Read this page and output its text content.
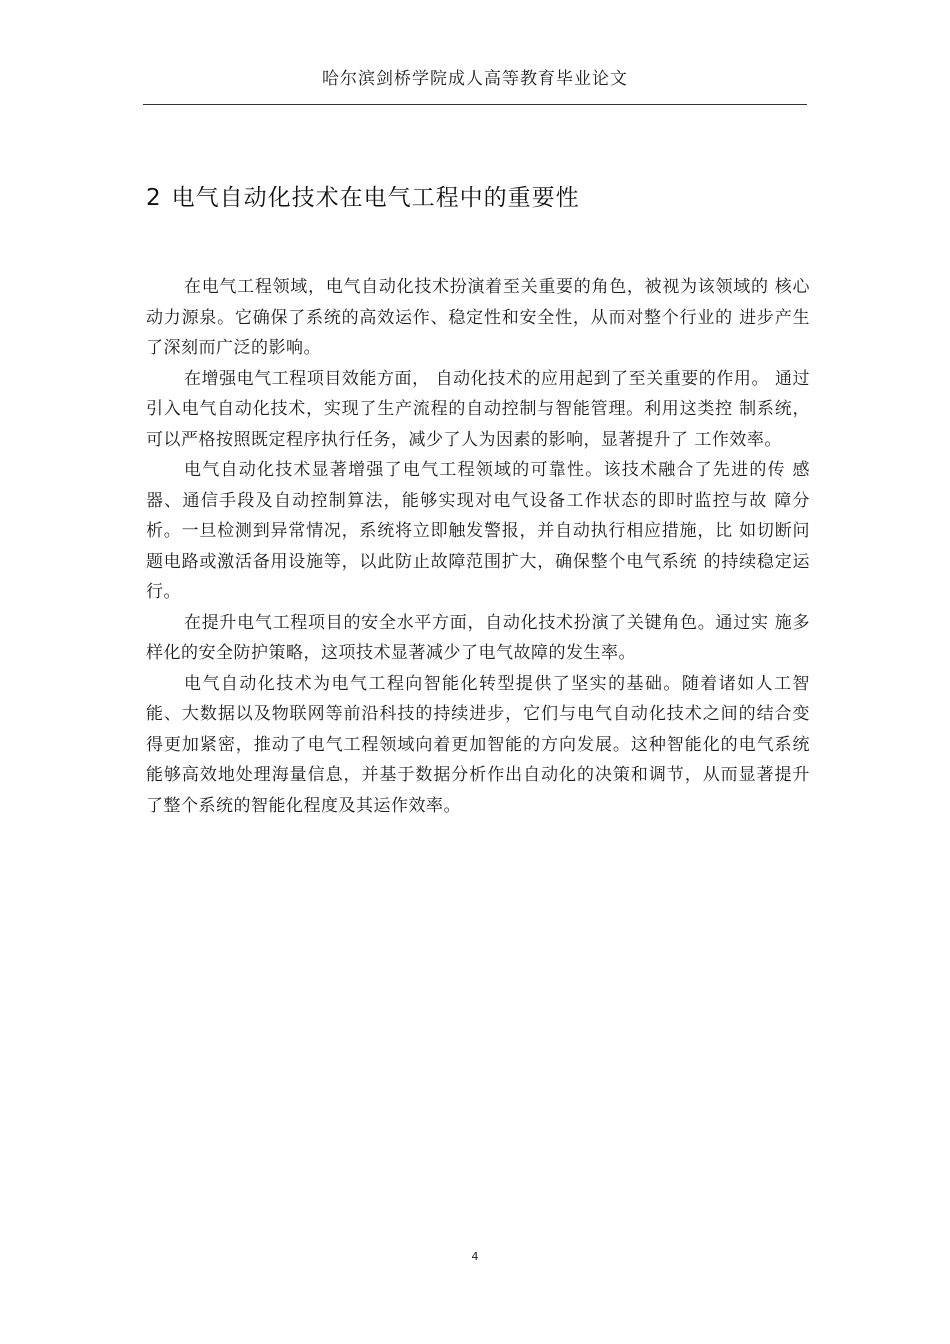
哈尔滨剑桥学院成人高等教育毕业论文
2 电气自动化技术在电气工程中的重要性

在电气工程领域，电气自动化技术扮演着至关重要的角色，被视为该领域的 核心动力源泉。它确保了系统的高效运作、稳定性和安全性，从而对整个行业的 进步产生了深刻而广泛的影响。

在增强电气工程项目效能方面， 自动化技术的应用起到了至关重要的作用。 通过引入电气自动化技术，实现了生产流程的自动控制与智能管理。利用这类控 制系统，可以严格按照既定程序执行任务，减少了人为因素的影响，显著提升了 工作效率。

电气自动化技术显著增强了电气工程领域的可靠性。该技术融合了先进的传 感器、通信手段及自动控制算法，能够实现对电气设备工作状态的即时监控与故 障分析。一旦检测到异常情况，系统将立即触发警报，并自动执行相应措施，比 如切断问题电路或激活备用设施等，以此防止故障范围扩大，确保整个电气系统 的持续稳定运行。

在提升电气工程项目的安全水平方面，自动化技术扮演了关键角色。通过实 施多样化的安全防护策略，这项技术显著减少了电气故障的发生率。

电气自动化技术为电气工程向智能化转型提供了坚实的基础。随着诸如人工智能、大数据以及物联网等前沿科技的持续进步，它们与电气自动化技术之间的结合变得更加紧密，推动了电气工程领域向着更加智能的方向发展。这种智能化的电气系统能够高效地处理海量信息，并基于数据分析作出自动化的决策和调节，从而显著提升了整个系统的智能化程度及其运作效率。

4
